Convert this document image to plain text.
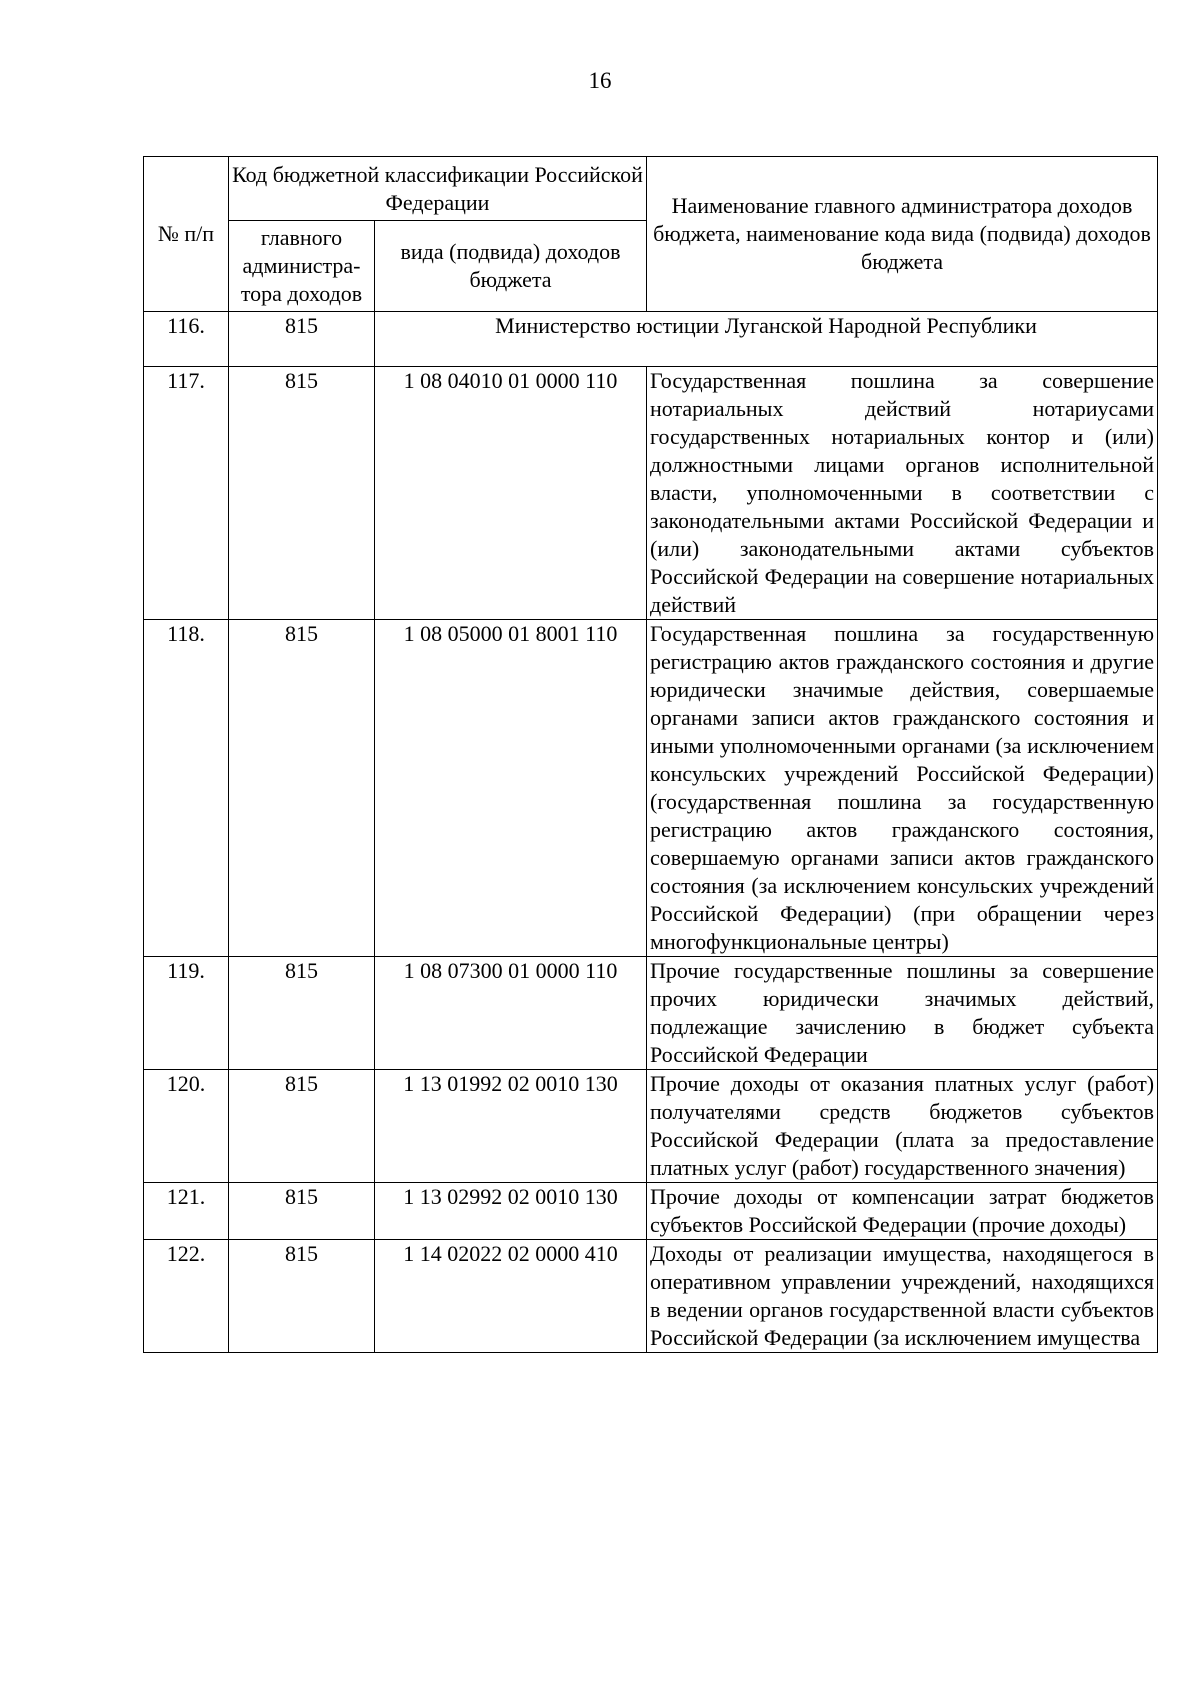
16
№ п/п	Код бюджетной классификации Российской Федерации		Наименование главного администратора доходов бюджета, наименование кода вида (подвида) доходов бюджета
	главного администра-тора доходов	вида (подвида) доходов бюджета	
116.	815	Министерство юстиции Луганской Народной Республики	
117.	815	1 08 04010 01 0000 110	Государственная пошлина за совершение нотариальных действий нотариусами государственных нотариальных контор и (или) должностными лицами органов исполнительной власти, уполномоченными в соответствии с законодательными актами Российской Федерации и (или) законодательными актами субъектов Российской Федерации на совершение нотариальных действий
118.	815	1 08 05000 01 8001 110	Государственная пошлина за государственную регистрацию актов гражданского состояния и другие юридически значимые действия, совершаемые органами записи актов гражданского состояния и иными уполномоченными органами (за исключением консульских учреждений Российской Федерации) (государственная пошлина за государственную регистрацию актов гражданского состояния, совершаемую органами записи актов гражданского состояния (за исключением консульских учреждений Российской Федерации) (при обращении через многофункциональные центры)
119.	815	1 08 07300 01 0000 110	Прочие государственные пошлины за совершение прочих юридически значимых действий, подлежащие зачислению в бюджет субъекта Российской Федерации
120.	815	1 13 01992 02 0010 130	Прочие доходы от оказания платных услуг (работ) получателями средств бюджетов субъектов Российской Федерации (плата за предоставление платных услуг (работ) государственного значения)
121.	815	1 13 02992 02 0010 130	Прочие доходы от компенсации затрат бюджетов субъектов Российской Федерации (прочие доходы)
122.	815	1 14 02022 02 0000 410	Доходы от реализации имущества, находящегося в оперативном управлении учреждений, находящихся в ведении органов государственной власти субъектов Российской Федерации (за исключением имущества
